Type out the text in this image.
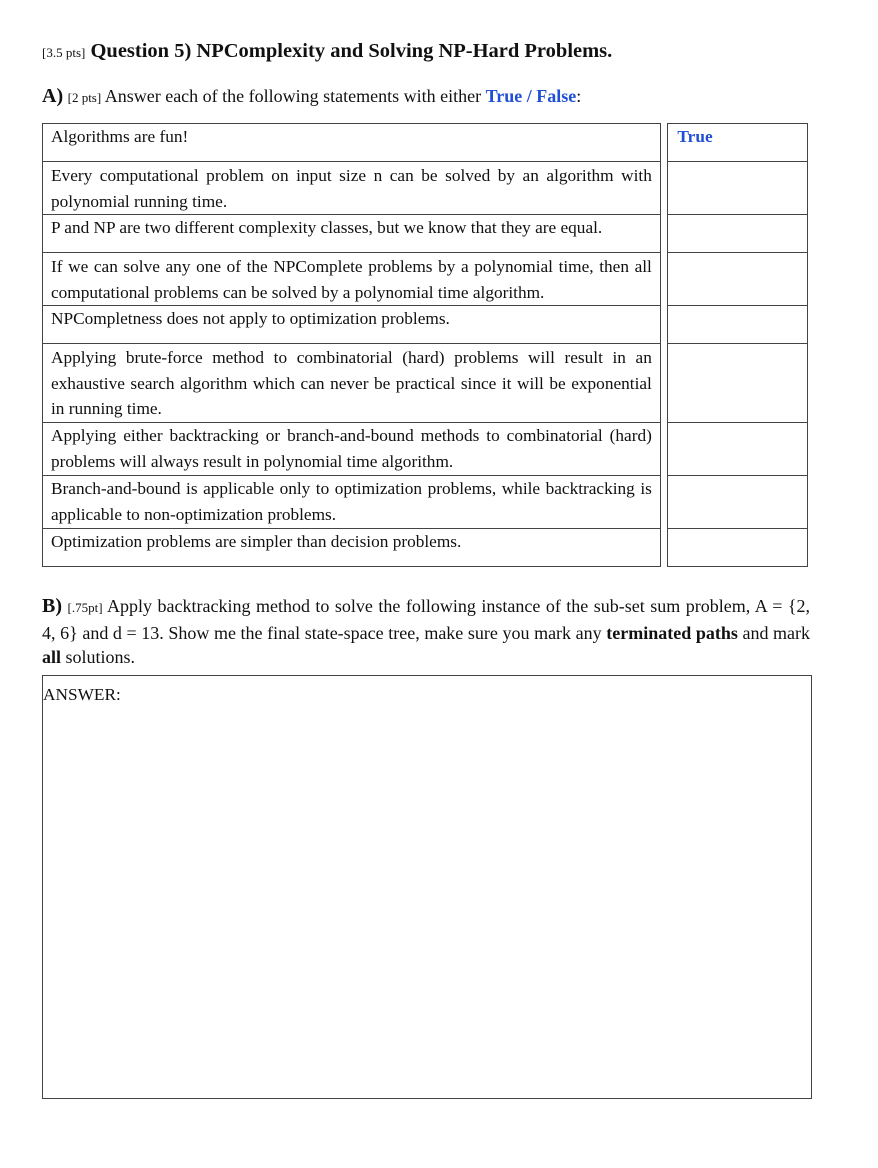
[3.5 pts] Question 5) NPComplexity and Solving NP-Hard Problems.
A) [2 pts] Answer each of the following statements with either True / False:
Algorithms are fun!		True
Every computational problem on input size n can be solved by an algorithm with polynomial running time.		
P and NP are two different complexity classes, but we know that they are equal.		
If we can solve any one of the NPComplete problems by a polynomial time, then all computational problems can be solved by a polynomial time algorithm.		
NPCompletness does not apply to optimization problems.		
Applying brute-force method to combinatorial (hard) problems will result in an exhaustive search algorithm which can never be practical since it will be exponential in running time.		
Applying either backtracking or branch-and-bound methods to combinatorial (hard) problems will always result in polynomial time algorithm.		
Branch-and-bound is applicable only to optimization problems, while backtracking is applicable to non-optimization problems.		
Optimization problems are simpler than decision problems.		
B) [.75pt] Apply backtracking method to solve the following instance of the sub-set sum problem, A = {2, 4, 6} and d = 13. Show me the final state-space tree, make sure you mark any terminated paths and mark all solutions.
ANSWER:
